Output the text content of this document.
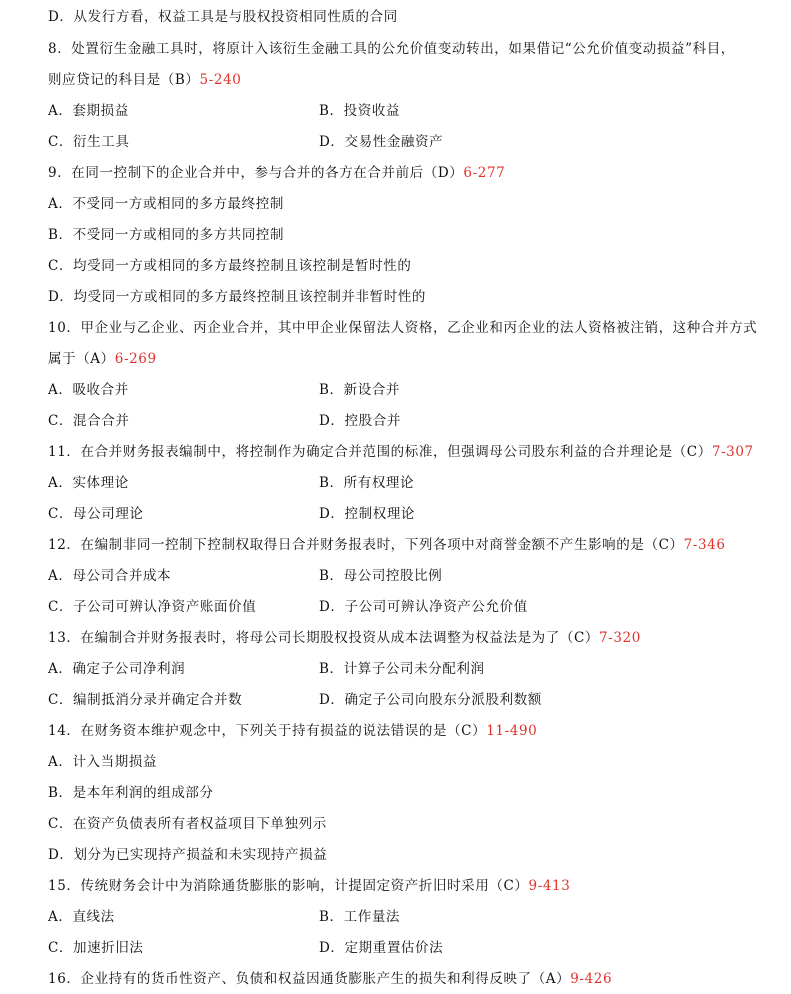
D．从发行方看，权益工具是与股权投资相同性质的合同
8．处置衍生金融工具时，将原计入该衍生金融工具的公允价值变动转出，如果借记“公允价值变动损益”科目，
则应贷记的科目是（B）5-240
A．套期损益	B．投资收益
C．衍生工具	D．交易性金融资产
9．在同一控制下的企业合并中，参与合并的各方在合并前后（D）6-277
A．不受同一方或相同的多方最终控制
B．不受同一方或相同的多方共同控制
C．均受同一方或相同的多方最终控制且该控制是暂时性的
D．均受同一方或相同的多方最终控制且该控制并非暂时性的
10．甲企业与乙企业、丙企业合并，其中甲企业保留法人资格，乙企业和丙企业的法人资格被注销，这种合并方式
属于（A）6-269
A．吸收合并	B．新设合并
C．混合合并	D．控股合并
11．在合并财务报表编制中，将控制作为确定合并范围的标准，但强调母公司股东利益的合并理论是（C）7-307
A．实体理论	B．所有权理论
C．母公司理论	D．控制权理论
12．在编制非同一控制下控制权取得日合并财务报表时，下列各项中对商誉金额不产生影响的是（C）7-346
A．母公司合并成本	B．母公司控股比例
C．子公司可辨认净资产账面价值	D．子公司可辨认净资产公允价值
13．在编制合并财务报表时，将母公司长期股权投资从成本法调整为权益法是为了（C）7-320
A．确定子公司净利润	B．计算子公司未分配利润
C．编制抵消分录并确定合并数	D．确定子公司向股东分派股利数额
14．在财务资本维护观念中，下列关于持有损益的说法错误的是（C）11-490
A．计入当期损益
B．是本年利润的组成部分
C．在资产负债表所有者权益项目下单独列示
D．划分为已实现持产损益和未实现持产损益
15．传统财务会计中为消除通货膨胀的影响，计提固定资产折旧时采用（C）9-413
A．直线法	B．工作量法
C．加速折旧法	D．定期重置估价法
16．企业持有的货币性资产、负债和权益因通货膨胀产生的损失和利得反映了（A）9-426
